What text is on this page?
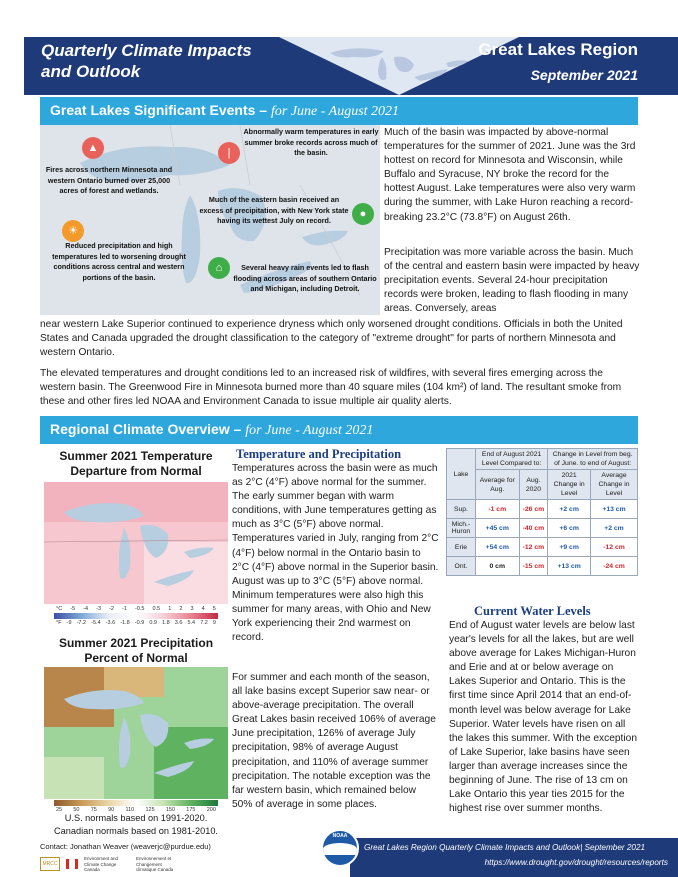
Quarterly Climate Impacts and Outlook
Great Lakes Region
September 2021
Great Lakes Significant Events – for June - August 2021
▲	|
●
⌂
☀
Abnormally warm temperatures in early summer broke records across much of the basin.
Fires across northern Minnesota and western Ontario burned over 25,000 acres of forest and wetlands.
Much of the eastern basin received an excess of precipitation, with New York state having its wettest July on record.
Reduced precipitation and high temperatures led to worsening drought conditions across central and western portions of the basin.
Several heavy rain events led to flash flooding across areas of southern Ontario and Michigan, including Detroit.
Much of the basin was impacted by above-normal temperatures for the summer of 2021. June was the 3rd hottest on record for Minnesota and Wisconsin, while Buffalo and Syracuse, NY broke the record for the hottest August. Lake temperatures were also very warm during the summer, with Lake Huron reaching a record-breaking 23.2°C (73.8°F) on August 26th.
Precipitation was more variable across the basin. Much of the central and eastern basin were impacted by heavy precipitation events. Several 24-hour precipitation records were broken, leading to flash flooding in many areas. Conversely, areas
near western Lake Superior continued to experience dryness which only worsened drought conditions. Officials in both the United States and Canada upgraded the drought classification to the category of "extreme drought" for parts of northern Minnesota and western Ontario.
The elevated temperatures and drought conditions led to an increased risk of wildfires, with several fires emerging across the western basin. The Greenwood Fire in Minnesota burned more than 40 square miles (104 km²) of land. The resultant smoke from these and other fires led NOAA and Environment Canada to issue multiple air quality alerts.
Regional Climate Overview – for June - August 2021
Summer 2021 Temperature Departure from Normal
°C -5 -4 -3 -2 -1 -0.5 0.5 1 2 3 4 5
°F -9 -7.2 -5.4 -3.6 -1.8 -0.9 0.9 1.8 3.6 5.4 7.2 9
Summer 2021 Precipitation Percent of Normal
25 50 75 90 110 125 150 175 200
U.S. normals based on 1991-2020. Canadian normals based on 1981-2010.
Temperature and Precipitation
Temperatures across the basin were as much as 2°C (4°F) above normal for the summer. The early summer began with warm conditions, with June temperatures getting as much as 3°C (5°F) above normal. Temperatures varied in July, ranging from 2°C (4°F) below normal in the Ontario basin to 2°C (4°F) above normal in the Superior basin. August was up to 3°C (5°F) above normal. Minimum temperatures were also high this summer for many areas, with Ohio and New York experiencing their 2nd warmest on record.
For summer and each month of the season, all lake basins except Superior saw near- or above-average precipitation. The overall Great Lakes basin received 106% of average June precipitation, 126% of average July precipitation, 98% of average August precipitation, and 110% of average summer precipitation. The notable exception was the far western basin, which remained below 50% of average in some places.
Lake	End of August 2021 Level Compared to:		Change in Level from beg. of June. to end of August:	
	Average for Aug.	Aug. 2020	2021 Change in Level	Average Change in Level
Sup.	-1 cm	-26 cm	+2 cm	+13 cm
Mich.-Huron	+45 cm	-40 cm	+6 cm	+2 cm
Erie	+54 cm	-12 cm	+9 cm	-12 cm
Ont.	0 cm	-15 cm	+13 cm	-24 cm
Current Water Levels
End of August water levels are below last year's levels for all the lakes, but are well above average for Lakes Michigan-Huron and Erie and at or below average on Lakes Superior and Ontario. This is the first time since April 2014 that an end-of-month level was below average for Lake Superior. Water levels have risen on all the lakes this summer. With the exception of Lake Superior, lake basins have seen larger than average increases since the beginning of June. The rise of 13 cm on Lake Ontario this year ties 2015 for the highest rise over summer months.
Contact: Jonathan Weaver (weaverjc@purdue.edu)
MRCC
Environment and Climate Change Canada
Environnement et Changement climatique Canada
Great Lakes Region Quarterly Climate Impacts and Outlook| September 2021
https://www.drought.gov/drought/resources/reports
NOAA
